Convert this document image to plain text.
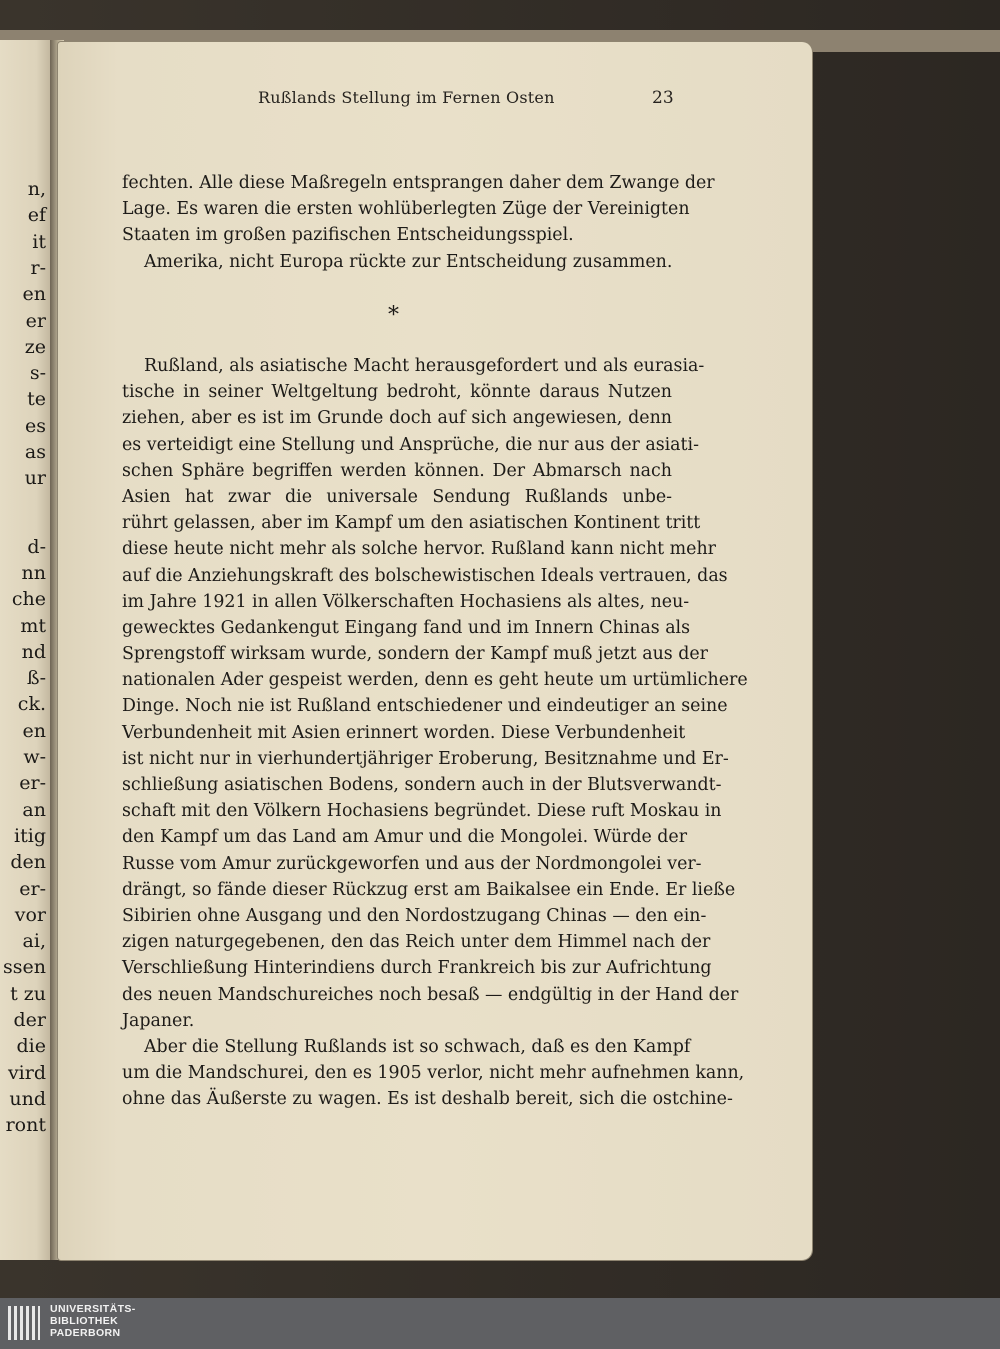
n,
ef
it
r-
en
er
ze
s-
te
es
as
ur
d-
nn
che
mt
nd
ß-
ck.
en
w-
er-
an
itig
den
er-
vor
ai,
ssen
t zu
der
die
vird
und
ront
Rußlands Stellung im Fernen Osten	23
fechten. Alle diese Maßregeln entsprangen daher dem Zwange der
Lage. Es waren die ersten wohlüberlegten Züge der Vereinigten
Staaten im großen pazifischen Entscheidungsspiel.
Amerika, nicht Europa rückte zur Entscheidung zusammen.
*
Rußland, als asiatische Macht herausgefordert und als eurasia-
tische in seiner Weltgeltung bedroht, könnte daraus Nutzen
ziehen, aber es ist im Grunde doch auf sich angewiesen, denn
es verteidigt eine Stellung und Ansprüche, die nur aus der asiati-
schen Sphäre begriffen werden können. Der Abmarsch nach
Asien hat zwar die universale Sendung Rußlands unbe-
rührt gelassen, aber im Kampf um den asiatischen Kontinent tritt
diese heute nicht mehr als solche hervor. Rußland kann nicht mehr
auf die Anziehungskraft des bolschewistischen Ideals vertrauen, das
im Jahre 1921 in allen Völkerschaften Hochasiens als altes, neu-
gewecktes Gedankengut Eingang fand und im Innern Chinas als
Sprengstoff wirksam wurde, sondern der Kampf muß jetzt aus der
nationalen Ader gespeist werden, denn es geht heute um urtümlichere
Dinge. Noch nie ist Rußland entschiedener und eindeutiger an seine
Verbundenheit mit Asien erinnert worden. Diese Verbundenheit
ist nicht nur in vierhundertjähriger Eroberung, Besitznahme und Er-
schließung asiatischen Bodens, sondern auch in der Blutsverwandt-
schaft mit den Völkern Hochasiens begründet. Diese ruft Moskau in
den Kampf um das Land am Amur und die Mongolei. Würde der
Russe vom Amur zurückgeworfen und aus der Nordmongolei ver-
drängt, so fände dieser Rückzug erst am Baikalsee ein Ende. Er ließe
Sibirien ohne Ausgang und den Nordostzugang Chinas — den ein-
zigen naturgegebenen, den das Reich unter dem Himmel nach der
Verschließung Hinterindiens durch Frankreich bis zur Aufrichtung
des neuen Mandschureiches noch besaß — endgültig in der Hand der
Japaner.
Aber die Stellung Rußlands ist so schwach, daß es den Kampf
um die Mandschurei, den es 1905 verlor, nicht mehr aufnehmen kann,
ohne das Äußerste zu wagen. Es ist deshalb bereit, sich die ostchine-
UNIVERSITÄTS-
BIBLIOTHEK
PADERBORN
